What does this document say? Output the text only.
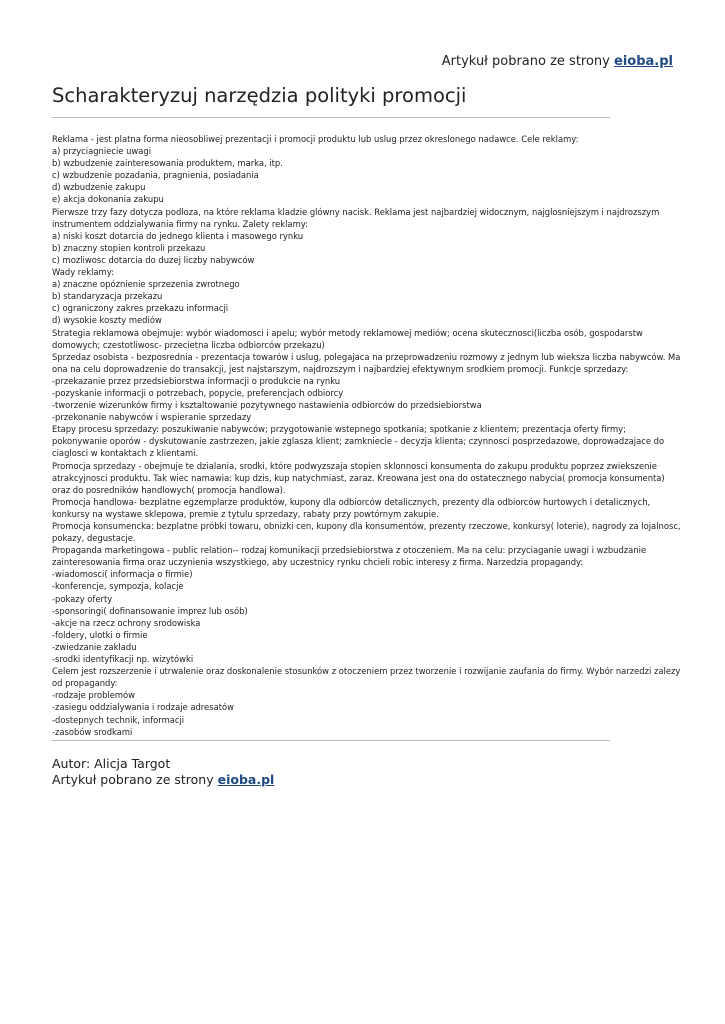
Artykuł pobrano ze strony eioba.pl
Scharakteryzuj narzędzia polityki promocji
Reklama - jest platna forma nieosobliwej prezentacji i promocji produktu lub uslug przez okreslonego nadawce. Cele reklamy:
a) przyciagniecie uwagi
b) wzbudzenie zainteresowania produktem, marka, itp.
c) wzbudzenie pozadania, pragnienia, posiadania
d) wzbudzenie zakupu
e) akcja dokonania zakupu
Pierwsze trzy fazy dotycza podloza, na które reklama kladzie glówny nacisk. Reklama jest najbardziej widocznym, najglosniejszym i najdrozszym
instrumentem oddzialywania firmy na rynku. Zalety reklamy:
a) niski koszt dotarcia do jednego klienta i masowego rynku
b) znaczny stopien kontroli przekazu
c) mozliwosc dotarcia do duzej liczby nabywców
Wady reklamy:
a) znaczne opóznienie sprzezenia zwrotnego
b) standaryzacja przekazu
c) ograniczony zakres przekazu informacji
d) wysokie koszty mediów
Strategia reklamowa obejmuje: wybór wiadomosci i apelu; wybór metody reklamowej mediów; ocena skutecznosci(liczba osób, gospodarstw
domowych; czestotliwosc- przecietna liczba odbiorców przekazu)
Sprzedaz osobista - bezposrednia - prezentacja towarów i uslug, polegajaca na przeprowadzeniu rozmowy z jednym lub wieksza liczba nabywców. Ma
ona na celu doprowadzenie do transakcji, jest najstarszym, najdrozszym i najbardziej efektywnym srodkiem promocji. Funkcje sprzedazy:
-przekazanie przez przedsiebiorstwa informacji o produkcie na rynku
-pozyskanie informacji o potrzebach, popycie, preferencjach odbiorcy
-tworzenie wizerunków firmy i ksztaltowanie pozytywnego nastawienia odbiorców do przedsiebiorstwa
-przekonanie nabywców i wspieranie sprzedazy
Etapy procesu sprzedazy: poszukiwanie nabywców; przygotowanie wstepnego spotkania; spotkanie z klientem; prezentacja oferty firmy;
pokonywanie oporów - dyskutowanie zastrzezen, jakie zglasza klient; zamkniecie - decyzja klienta; czynnosci posprzedazowe, doprowadzajace do
ciaglosci w kontaktach z klientami.
Promocja sprzedazy - obejmuje te dzialania, srodki, które podwyzszaja stopien sklonnosci konsumenta do zakupu produktu poprzez zwiekszenie
atrakcyjnosci produktu. Tak wiec namawia: kup dzis, kup natychmiast, zaraz. Kreowana jest ona do ostatecznego nabycia( promocja konsumenta)
oraz do posredników handlowych( promocja handlowa).
Promocja handlowa- bezplatne egzemplarze produktów, kupony dla odbiorców detalicznych, prezenty dla odbiorców hurtowych i detalicznych,
konkursy na wystawe sklepowa, premie z tytulu sprzedazy, rabaty przy powtórnym zakupie.
Promocja konsumencka: bezplatne próbki towaru, obnizki cen, kupony dla konsumentów, prezenty rzeczowe, konkursy( loterie), nagrody za lojalnosc,
pokazy, degustacje.
Propaganda marketingowa - public relation-- rodzaj komunikacji przedsiebiorstwa z otoczeniem. Ma na celu: przyciaganie uwagi i wzbudzanie
zainteresowania firma oraz uczynienia wszystkiego, aby uczestnicy rynku chcieli robic interesy z firma. Narzedzia propagandy:
-wiadomosci( informacja o firmie)
-konferencje, sympozja, kolacje
-pokazy oferty
-sponsoringi( dofinansowanie imprez lub osób)
-akcje na rzecz ochrony srodowiska
-foldery, ulotki o firmie
-zwiedzanie zakladu
-srodki identyfikacji np. wizytówki
Celem jest rozszerzenie i utrwalenie oraz doskonalenie stosunków z otoczeniem przez tworzenie i rozwijanie zaufania do firmy. Wybór narzedzi zalezy
od propagandy:
-rodzaje problemów
-zasiegu oddzialywania i rodzaje adresatów
-dostepnych technik, informacji
-zasobów srodkami
Autor: Alicja Targot
Artykuł pobrano ze strony eioba.pl
